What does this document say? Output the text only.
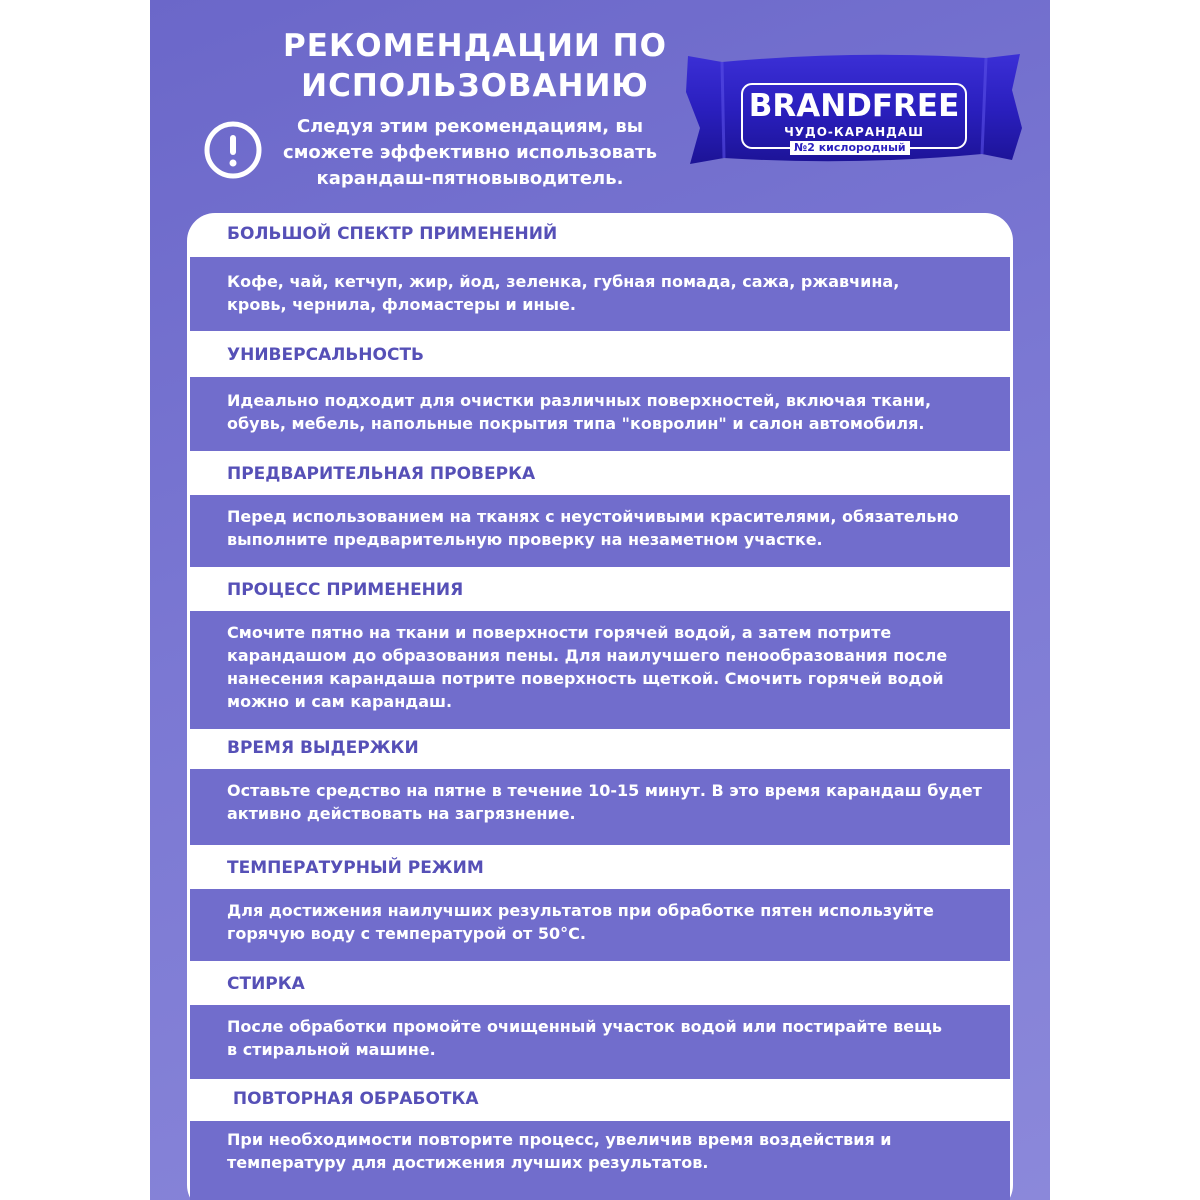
РЕКОМЕНДАЦИИ ПО
ИСПОЛЬЗОВАНИЮ
Следуя этим рекомендациям, вы
сможете эффективно использовать
карандаш-пятновыводитель.
BRANDFREE
ЧУДО-КАРАНДАШ
№2 кислородный
БОЛЬШОЙ СПЕКТР ПРИМЕНЕНИЙ
Кофе, чай, кетчуп, жир, йод, зеленка, губная помада, сажа, ржавчина,
кровь, чернила, фломастеры и иные.
УНИВЕРСАЛЬНОСТЬ
Идеально подходит для очистки различных поверхностей, включая ткани,
обувь, мебель, напольные покрытия типа "ковролин" и салон автомобиля.
ПРЕДВАРИТЕЛЬНАЯ ПРОВЕРКА
Перед использованием на тканях с неустойчивыми красителями, обязательно
выполните предварительную проверку на незаметном участке.
ПРОЦЕСС ПРИМЕНЕНИЯ
Смочите пятно на ткани и поверхности горячей водой, а затем потрите
карандашом до образования пены. Для наилучшего пенообразования после
нанесения карандаша потрите поверхность щеткой. Смочить горячей водой
можно и сам карандаш.
ВРЕМЯ ВЫДЕРЖКИ
Оставьте средство на пятне в течение 10-15 минут. В это время карандаш будет
активно действовать на загрязнение.
ТЕМПЕРАТУРНЫЙ РЕЖИМ
Для достижения наилучших результатов при обработке пятен используйте
горячую воду с температурой от 50°С.
СТИРКА
После обработки промойте очищенный участок водой или постирайте вещь
в стиральной машине.
ПОВТОРНАЯ ОБРАБОТКА
При необходимости повторите процесс, увеличив время воздействия и
температуру для достижения лучших результатов.
